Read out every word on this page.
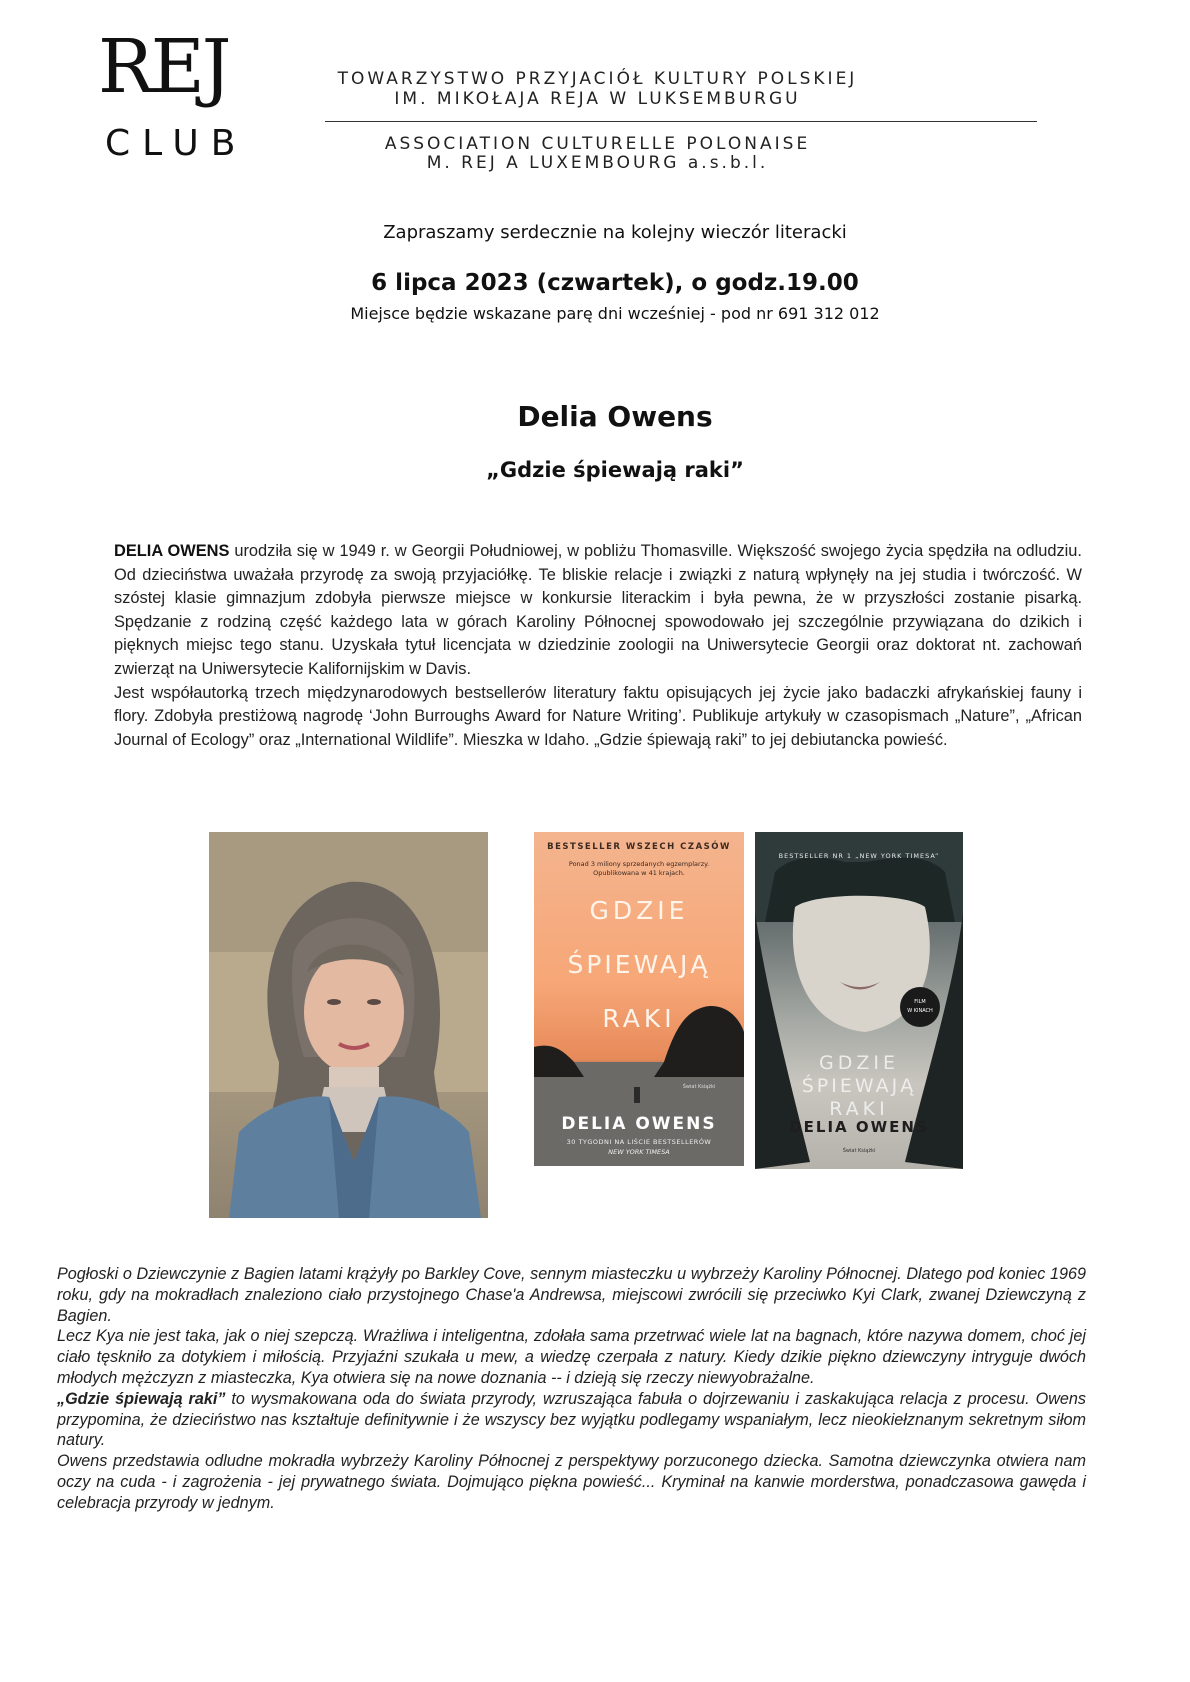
REJ
CLUB
TOWARZYSTWO PRZYJACIÓŁ KULTURY POLSKIEJ
IM. MIKOŁAJA REJA W LUKSEMBURGU
ASSOCIATION CULTURELLE POLONAISE
M. REJ A LUXEMBOURG a.s.b.l.
Zapraszamy serdecznie na kolejny wieczór literacki
6 lipca 2023 (czwartek), o godz.19.00
Miejsce będzie wskazane parę dni wcześniej - pod nr 691 312 012
Delia Owens
„Gdzie śpiewają raki”
DELIA OWENS urodziła się w 1949 r. w Georgii Południowej, w pobliżu Thomasville. Większość swojego życia spędziła na odludziu. Od dzieciństwa uważała przyrodę za swoją przyjaciółkę. Te bliskie relacje i związki z naturą wpłynęły na jej studia i twórczość. W szóstej klasie gimnazjum zdobyła pierwsze miejsce w konkursie literackim i była pewna, że w przyszłości zostanie pisarką. Spędzanie z rodziną część każdego lata w górach Karoliny Północnej spowodowało jej szczególnie przywiązana do dzikich i pięknych miejsc tego stanu. Uzyskała tytuł licencjata w dziedzinie zoologii na Uniwersytecie Georgii oraz doktorat nt. zachowań zwierząt na Uniwersytecie Kalifornijskim w Davis.
Jest współautorką trzech międzynarodowych bestsellerów literatury faktu opisujących jej życie jako badaczki afrykańskiej fauny i flory. Zdobyła prestiżową nagrodę ‘John Burroughs Award for Nature Writing’. Publikuje artykuły w czasopismach „Nature”, „African Journal of Ecology” oraz „International Wildlife”. Mieszka w Idaho. „Gdzie śpiewają raki” to jej debiutancka powieść.
BESTSELLER WSZECH CZASÓW
Ponad 3 miliony sprzedanych egzemplarzy.
Opublikowana w 41 krajach.
GDZIE
ŚPIEWAJĄ
RAKI
Świat Książki
DELIA OWENS
30 TYGODNI NA LIŚCIE BESTSELLERÓW
NEW YORK TIMESA
BESTSELLER NR 1 „NEW YORK TIMESA”
FILM
W KINACH
GDZIE
ŚPIEWAJĄ
RAKI
DELIA OWENS
Świat Książki

Pogłoski o Dziewczynie z Bagien latami krążyły po Barkley Cove, sennym miasteczku u wybrzeży Karoliny Północnej. Dlatego pod koniec 1969 roku, gdy na mokradłach znaleziono ciało przystojnego Chase'a Andrewsa, miejscowi zwrócili się przeciwko Kyi Clark, zwanej Dziewczyną z Bagien.

Lecz Kya nie jest taka, jak o niej szepczą. Wrażliwa i inteligentna, zdołała sama przetrwać wiele lat na bagnach, które nazywa domem, choć jej ciało tęskniło za dotykiem i miłością. Przyjaźni szukała u mew, a wiedzę czerpała z natury. Kiedy dzikie piękno dziewczyny intryguje dwóch młodych mężczyzn z miasteczka, Kya otwiera się na nowe doznania -- i dzieją się rzeczy niewyobrażalne.

„Gdzie śpiewają raki” to wysmakowana oda do świata przyrody, wzruszająca fabuła o dojrzewaniu i zaskakująca relacja z procesu. Owens przypomina, że dzieciństwo nas kształtuje definitywnie i że wszyscy bez wyjątku podlegamy wspaniałym, lecz nieokiełznanym sekretnym siłom natury.

Owens przedstawia odludne mokradła wybrzeży Karoliny Północnej z perspektywy porzuconego dziecka. Samotna dziewczynka otwiera nam oczy na cuda - i zagrożenia - jej prywatnego świata. Dojmująco piękna powieść... Kryminał na kanwie morderstwa, ponadczasowa gawęda i celebracja przyrody w jednym.
